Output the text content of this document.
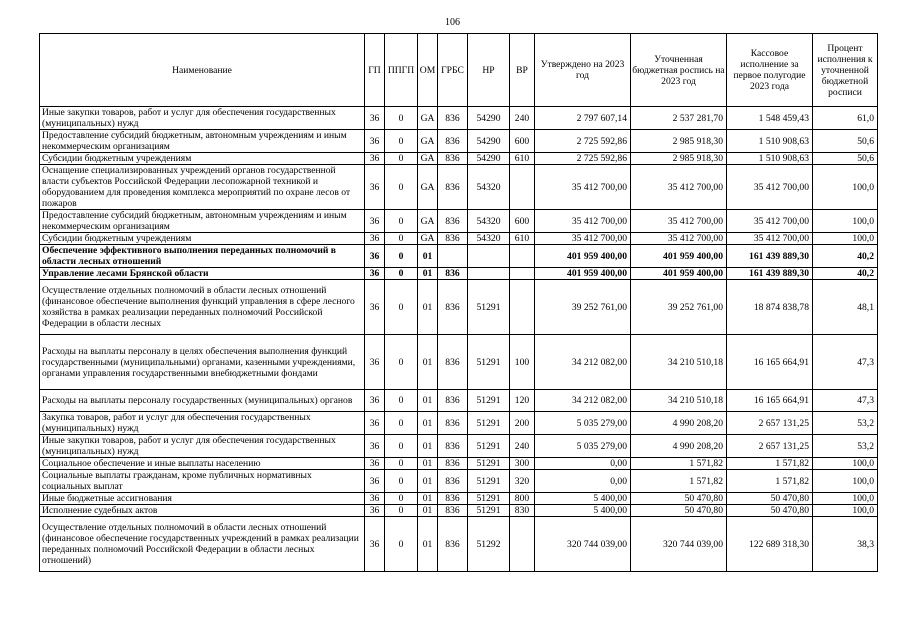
106
Наименование	ГП	ППГП	ОМ	ГРБС	НР	ВР	Утверждено на 2023 год	Уточненная бюджетная роспись на 2023 год	Кассовое исполнение за первое полугодие 2023 года	Процент исполнения к уточненной бюджетной росписи
Иные закупки товаров, работ и услуг для обеспечения государственных (муниципальных) нужд	36	0	GA	836	54290	240	2 797 607,14	2 537 281,70	1 548 459,43	61,0
Предоставление субсидий бюджетным, автономным учреждениям и иным некоммерческим организациям	36	0	GA	836	54290	600	2 725 592,86	2 985 918,30	1 510 908,63	50,6
Субсидии бюджетным учреждениям	36	0	GA	836	54290	610	2 725 592,86	2 985 918,30	1 510 908,63	50,6
Оснащение специализированных учреждений органов государственной власти субъектов Российской Федерации лесопожарной техникой и оборудованием для проведения комплекса мероприятий по охране лесов от пожаров	36	0	GA	836	54320		35 412 700,00	35 412 700,00	35 412 700,00	100,0
Предоставление субсидий бюджетным, автономным учреждениям и иным некоммерческим организациям	36	0	GA	836	54320	600	35 412 700,00	35 412 700,00	35 412 700,00	100,0
Субсидии бюджетным учреждениям	36	0	GA	836	54320	610	35 412 700,00	35 412 700,00	35 412 700,00	100,0
Обеспечение эффективного выполнения переданных полномочий в области лесных отношений	36	0	01				401 959 400,00	401 959 400,00	161 439 889,30	40,2
Управление лесами Брянской области	36	0	01	836			401 959 400,00	401 959 400,00	161 439 889,30	40,2
Осуществление отдельных полномочий в области лесных отношений (финансовое обеспечение выполнения функций управления в сфере лесного хозяйства в рамках реализации переданных полномочий Российской Федерации в области лесных	36	0	01	836	51291		39 252 761,00	39 252 761,00	18 874 838,78	48,1
Расходы на выплаты персоналу в целях обеспечения выполнения функций государственными (муниципальными) органами, казенными учреждениями, органами управления государственными внебюджетными фондами	36	0	01	836	51291	100	34 212 082,00	34 210 510,18	16 165 664,91	47,3
Расходы на выплаты персоналу государственных (муниципальных) органов	36	0	01	836	51291	120	34 212 082,00	34 210 510,18	16 165 664,91	47,3
Закупка товаров, работ и услуг для обеспечения государственных (муниципальных) нужд	36	0	01	836	51291	200	5 035 279,00	4 990 208,20	2 657 131,25	53,2
Иные закупки товаров, работ и услуг для обеспечения государственных (муниципальных) нужд	36	0	01	836	51291	240	5 035 279,00	4 990 208,20	2 657 131,25	53,2
Социальное обеспечение и иные выплаты населению	36	0	01	836	51291	300	0,00	1 571,82	1 571,82	100,0
Социальные выплаты гражданам, кроме публичных нормативных социальных выплат	36	0	01	836	51291	320	0,00	1 571,82	1 571,82	100,0
Иные бюджетные ассигнования	36	0	01	836	51291	800	5 400,00	50 470,80	50 470,80	100,0
Исполнение судебных актов	36	0	01	836	51291	830	5 400,00	50 470,80	50 470,80	100,0
Осуществление отдельных полномочий в области лесных отношений (финансовое обеспечение государственных учреждений в рамках реализации переданных полномочий Российской Федерации в области лесных отношений)	36	0	01	836	51292		320 744 039,00	320 744 039,00	122 689 318,30	38,3
